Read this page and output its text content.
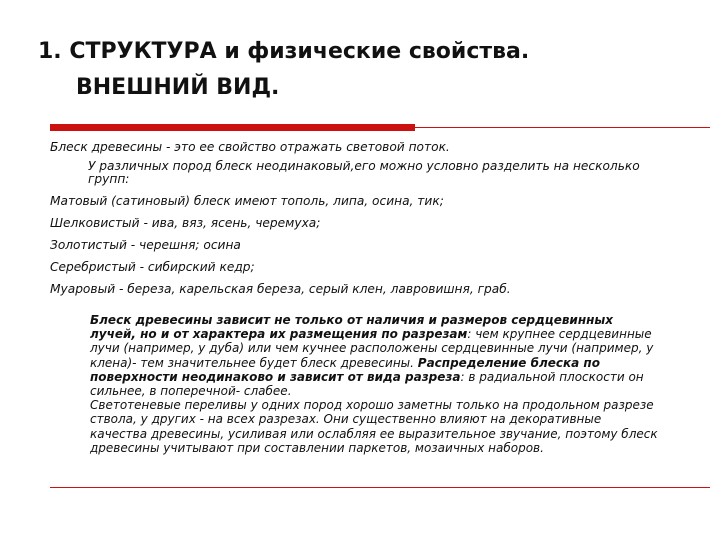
1. СТРУКТУРА и физические свойства.
ВНЕШНИЙ ВИД.

Блеск древесины - это ее свойство отражать световой поток.

У различных пород блеск неодинаковый,его можно условно разделить на несколько групп:

Матовый (сатиновый) блеск имеют тополь, липа, осина, тик;

Шелковистый - ива, вяз, ясень, черемуха;

Золотистый - черешня; осина

Серебристый - сибирский кедр;

Муаровый - береза, карельская береза, серый клен, лавровишня, граб.

Блеск древесины зависит не только от наличия и размеров сердцевинных лучей, но и от характера их размещения по разрезам: чем крупнее сердцевинные лучи (например, у дуба) или чем кучнее расположены сердцевинные лучи (например, у клена)- тем значительнее будет блеск древесины. Распределение блеска по поверхности неодинаково и зависит от вида разреза: в радиальной плоскости он сильнее, в поперечной- слабее.
Светотеневые переливы у одних пород хорошо заметны только на продольном разрезе ствола, у других - на всех разрезах. Они существенно влияют на декоративные качества древесины, усиливая или ослабляя ее выразительное звучание, поэтому блеск древесины учитывают при составлении паркетов, мозаичных наборов.
